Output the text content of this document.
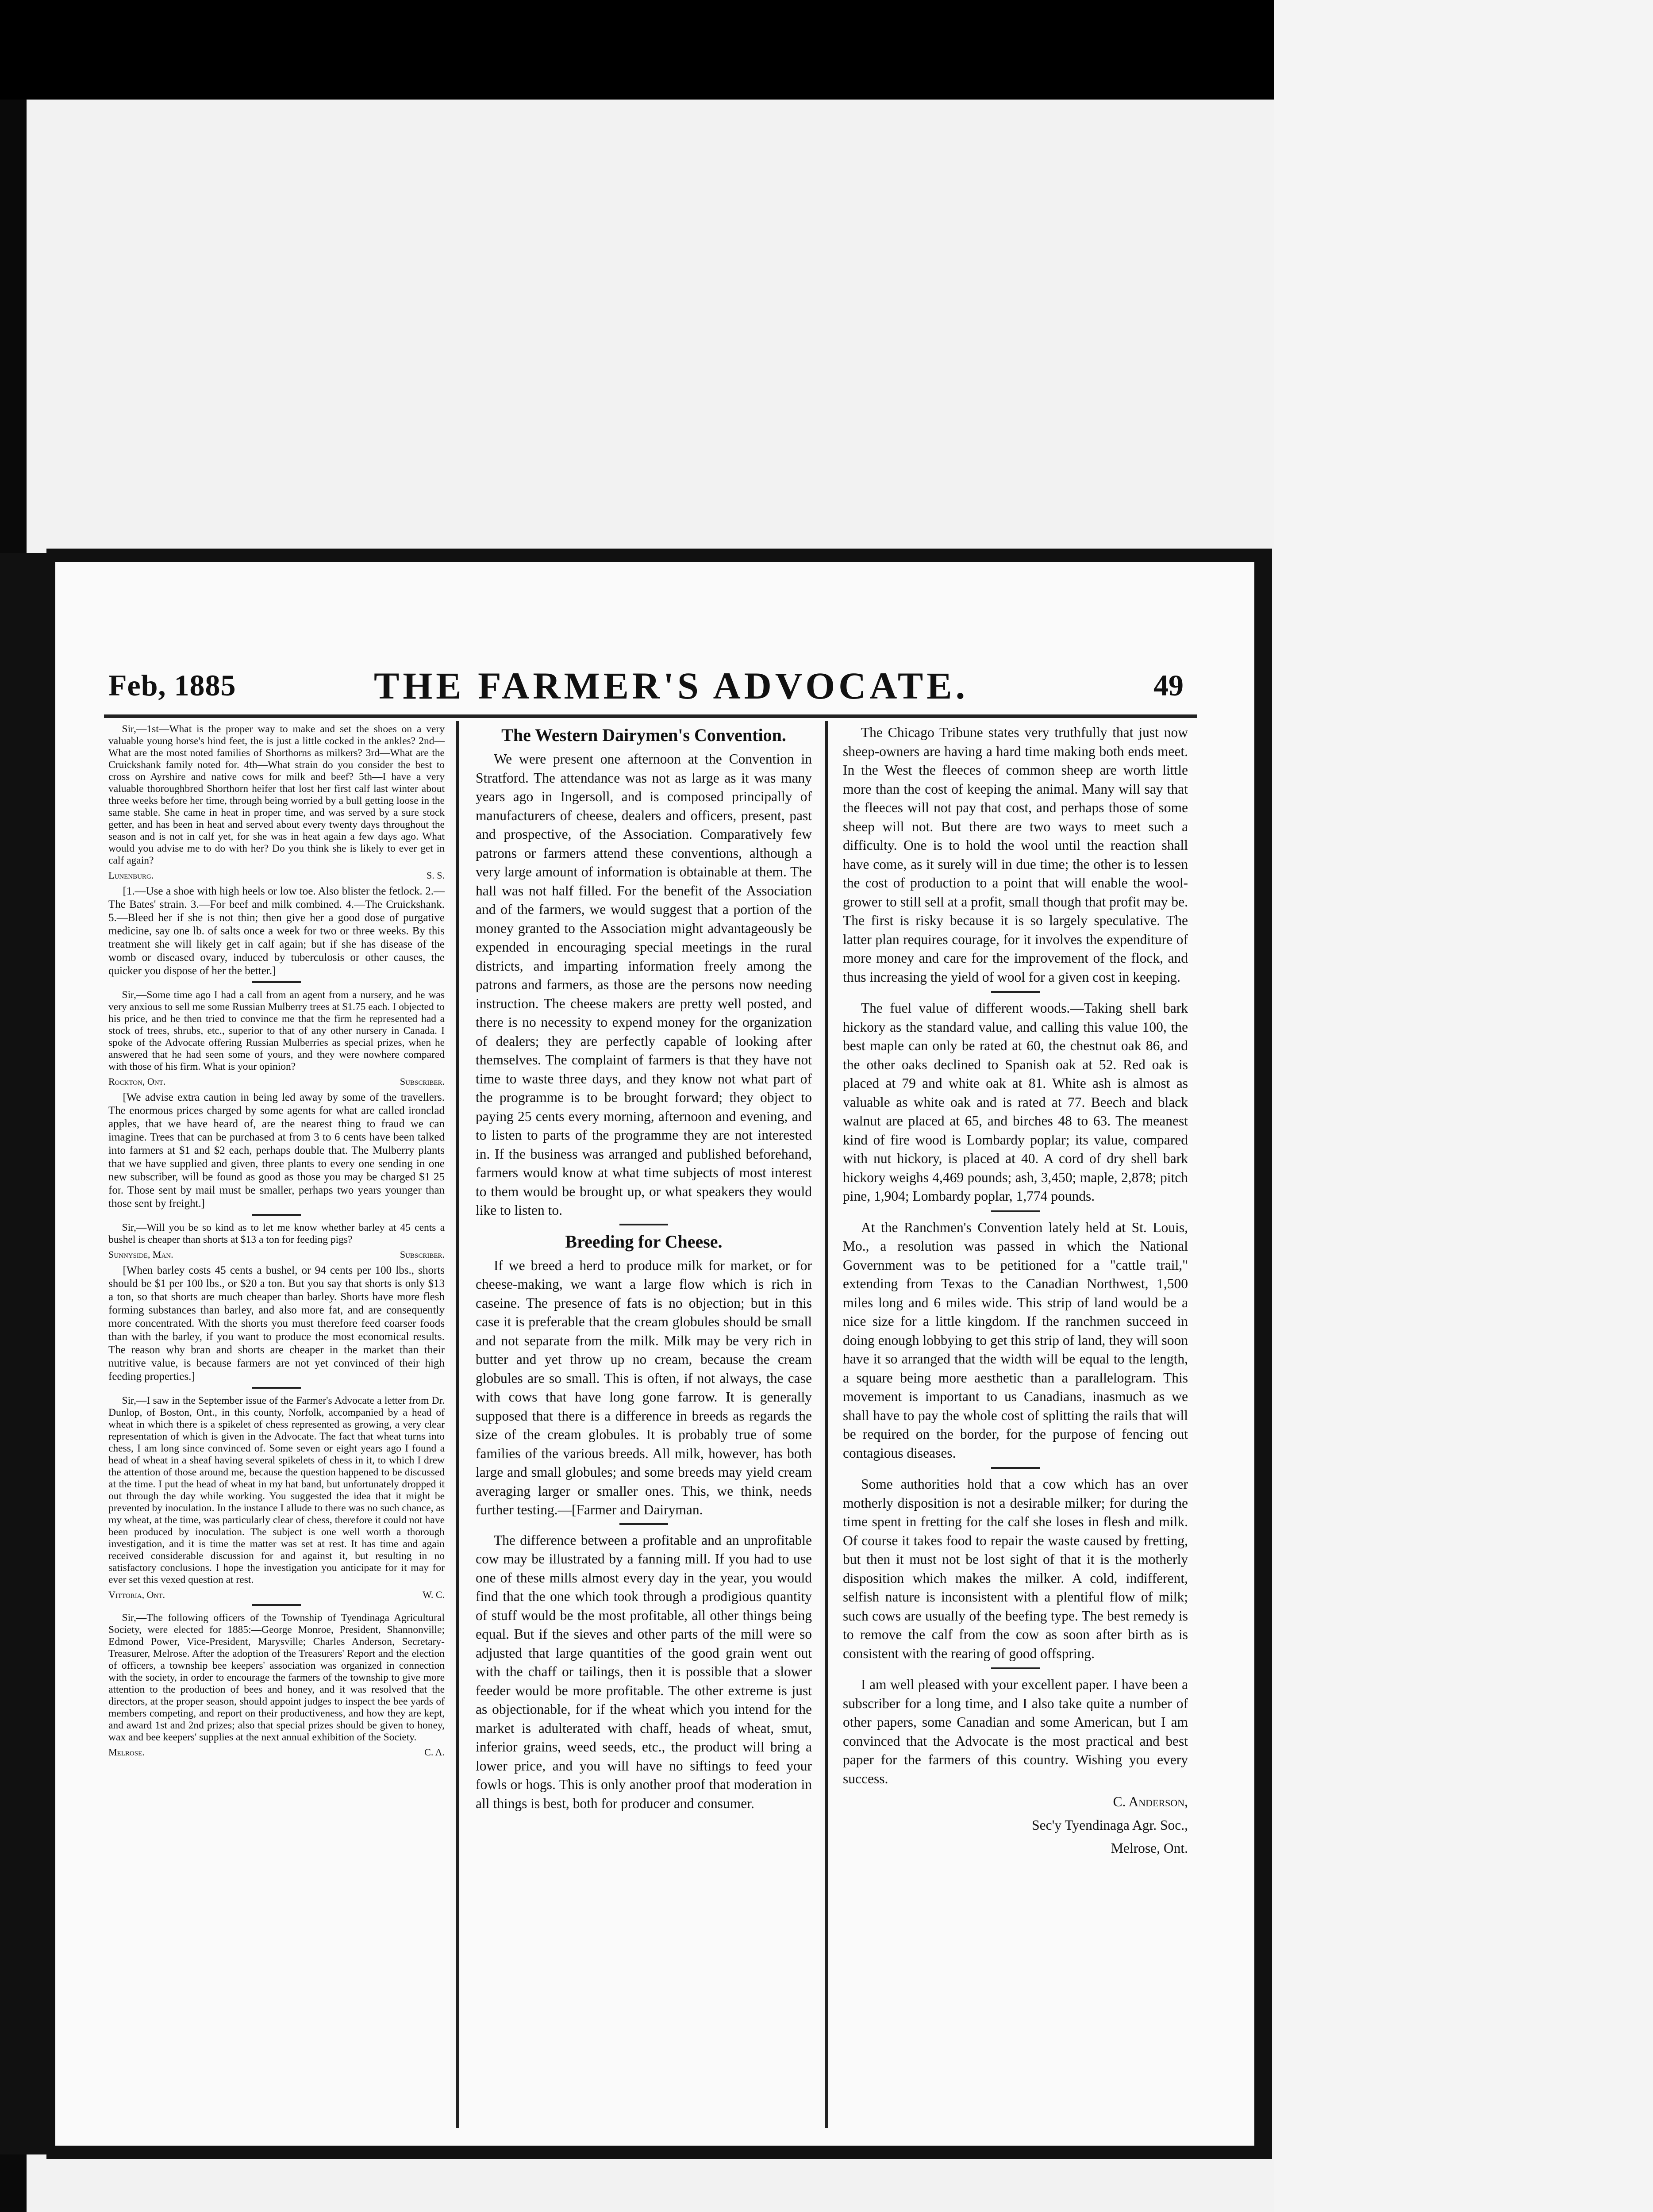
Feb, 1885	THE FARMER'S ADVOCATE.	49

Sir,—1st—What is the proper way to make and set the shoes on a very valuable young horse's hind feet, the is just a little cocked in the ankles? 2nd—What are the most noted families of Shorthorns as milkers? 3rd—What are the Cruickshank family noted for. 4th—What strain do you consider the best to cross on Ayrshire and native cows for milk and beef? 5th—I have a very valuable thoroughbred Shorthorn heifer that lost her first calf last winter about three weeks before her time, through being worried by a bull getting loose in the same stable. She came in heat in proper time, and was served by a sure stock getter, and has been in heat and served about every twenty days throughout the season and is not in calf yet, for she was in heat again a few days ago. What would you advise me to do with her? Do you think she is likely to ever get in calf again?

Lunenburg.	S. S.

[1.—Use a shoe with high heels or low toe. Also blister the fetlock. 2.—The Bates' strain. 3.—For beef and milk combined. 4.—The Cruickshank. 5.—Bleed her if she is not thin; then give her a good dose of purgative medicine, say one lb. of salts once a week for two or three weeks. By this treatment she will likely get in calf again; but if she has disease of the womb or diseased ovary, induced by tuberculosis or other causes, the quicker you dispose of her the better.]

Sir,—Some time ago I had a call from an agent from a nursery, and he was very anxious to sell me some Russian Mulberry trees at $1.75 each. I objected to his price, and he then tried to convince me that the firm he represented had a stock of trees, shrubs, etc., superior to that of any other nursery in Canada. I spoke of the Advocate offering Russian Mulberries as special prizes, when he answered that he had seen some of yours, and they were nowhere compared with those of his firm. What is your opinion?

Rockton, Ont.	Subscriber.

[We advise extra caution in being led away by some of the travellers. The enormous prices charged by some agents for what are called ironclad apples, that we have heard of, are the nearest thing to fraud we can imagine. Trees that can be purchased at from 3 to 6 cents have been talked into farmers at $1 and $2 each, perhaps double that. The Mulberry plants that we have supplied and given, three plants to every one sending in one new subscriber, will be found as good as those you may be charged $1 25 for. Those sent by mail must be smaller, perhaps two years younger than those sent by freight.]

Sir,—Will you be so kind as to let me know whether barley at 45 cents a bushel is cheaper than shorts at $13 a ton for feeding pigs?

Sunnyside, Man.	Subscriber.

[When barley costs 45 cents a bushel, or 94 cents per 100 lbs., shorts should be $1 per 100 lbs., or $20 a ton. But you say that shorts is only $13 a ton, so that shorts are much cheaper than barley. Shorts have more flesh forming substances than barley, and also more fat, and are consequently more concentrated. With the shorts you must therefore feed coarser foods than with the barley, if you want to produce the most economical results. The reason why bran and shorts are cheaper in the market than their nutritive value, is because farmers are not yet convinced of their high feeding properties.]

Sir,—I saw in the September issue of the Farmer's Advocate a letter from Dr. Dunlop, of Boston, Ont., in this county, Norfolk, accompanied by a head of wheat in which there is a spikelet of chess represented as growing, a very clear representation of which is given in the Advocate. The fact that wheat turns into chess, I am long since convinced of. Some seven or eight years ago I found a head of wheat in a sheaf having several spikelets of chess in it, to which I drew the attention of those around me, because the question happened to be discussed at the time. I put the head of wheat in my hat band, but unfortunately dropped it out through the day while working. You suggested the idea that it might be prevented by inoculation. In the instance I allude to there was no such chance, as my wheat, at the time, was particularly clear of chess, therefore it could not have been produced by inoculation. The subject is one well worth a thorough investigation, and it is time the matter was set at rest. It has time and again received considerable discussion for and against it, but resulting in no satisfactory conclusions. I hope the investigation you anticipate for it may for ever set this vexed question at rest.

Vittoria, Ont.	W. C.

Sir,—The following officers of the Township of Tyendinaga Agricultural Society, were elected for 1885:—George Monroe, President, Shannonville; Edmond Power, Vice-President, Marysville; Charles Anderson, Secretary-Treasurer, Melrose. After the adoption of the Treasurers' Report and the election of officers, a township bee keepers' association was organized in connection with the society, in order to encourage the farmers of the township to give more attention to the production of bees and honey, and it was resolved that the directors, at the proper season, should appoint judges to inspect the bee yards of members competing, and report on their productiveness, and how they are kept, and award 1st and 2nd prizes; also that special prizes should be given to honey, wax and bee keepers' supplies at the next annual exhibition of the Society.

Melrose.	C. A.
The Western Dairymen's Convention.

We were present one afternoon at the Convention in Stratford. The attendance was not as large as it was many years ago in Ingersoll, and is composed principally of manufacturers of cheese, dealers and officers, present, past and prospective, of the Association. Comparatively few patrons or farmers attend these conventions, although a very large amount of information is obtainable at them. The hall was not half filled. For the benefit of the Association and of the farmers, we would suggest that a portion of the money granted to the Association might advantageously be expended in encouraging special meetings in the rural districts, and imparting information freely among the patrons and farmers, as those are the persons now needing instruction. The cheese makers are pretty well posted, and there is no necessity to expend money for the organization of dealers; they are perfectly capable of looking after themselves. The complaint of farmers is that they have not time to waste three days, and they know not what part of the programme is to be brought forward; they object to paying 25 cents every morning, afternoon and evening, and to listen to parts of the programme they are not interested in. If the business was arranged and published beforehand, farmers would know at what time subjects of most interest to them would be brought up, or what speakers they would like to listen to.

Breeding for Cheese.

If we breed a herd to produce milk for market, or for cheese-making, we want a large flow which is rich in caseine. The presence of fats is no objection; but in this case it is preferable that the cream globules should be small and not separate from the milk. Milk may be very rich in butter and yet throw up no cream, because the cream globules are so small. This is often, if not always, the case with cows that have long gone farrow. It is generally supposed that there is a difference in breeds as regards the size of the cream globules. It is probably true of some families of the various breeds. All milk, however, has both large and small globules; and some breeds may yield cream averaging larger or smaller ones. This, we think, needs further testing.—[Farmer and Dairyman.

The difference between a profitable and an unprofitable cow may be illustrated by a fanning mill. If you had to use one of these mills almost every day in the year, you would find that the one which took through a prodigious quantity of stuff would be the most profitable, all other things being equal. But if the sieves and other parts of the mill were so adjusted that large quantities of the good grain went out with the chaff or tailings, then it is possible that a slower feeder would be more profitable. The other extreme is just as objectionable, for if the wheat which you intend for the market is adulterated with chaff, heads of wheat, smut, inferior grains, weed seeds, etc., the product will bring a lower price, and you will have no siftings to feed your fowls or hogs. This is only another proof that moderation in all things is best, both for producer and consumer.

The Chicago Tribune states very truthfully that just now sheep-owners are having a hard time making both ends meet. In the West the fleeces of common sheep are worth little more than the cost of keeping the animal. Many will say that the fleeces will not pay that cost, and perhaps those of some sheep will not. But there are two ways to meet such a difficulty. One is to hold the wool until the reaction shall have come, as it surely will in due time; the other is to lessen the cost of production to a point that will enable the wool-grower to still sell at a profit, small though that profit may be. The first is risky because it is so largely speculative. The latter plan requires courage, for it involves the expenditure of more money and care for the improvement of the flock, and thus increasing the yield of wool for a given cost in keeping.

The fuel value of different woods.—Taking shell bark hickory as the standard value, and calling this value 100, the best maple can only be rated at 60, the chestnut oak 86, and the other oaks declined to Spanish oak at 52. Red oak is placed at 79 and white oak at 81. White ash is almost as valuable as white oak and is rated at 77. Beech and black walnut are placed at 65, and birches 48 to 63. The meanest kind of fire wood is Lombardy poplar; its value, compared with nut hickory, is placed at 40. A cord of dry shell bark hickory weighs 4,469 pounds; ash, 3,450; maple, 2,878; pitch pine, 1,904; Lombardy poplar, 1,774 pounds.

At the Ranchmen's Convention lately held at St. Louis, Mo., a resolution was passed in which the National Government was to be petitioned for a "cattle trail," extending from Texas to the Canadian Northwest, 1,500 miles long and 6 miles wide. This strip of land would be a nice size for a little kingdom. If the ranchmen succeed in doing enough lobbying to get this strip of land, they will soon have it so arranged that the width will be equal to the length, a square being more aesthetic than a parallelogram. This movement is important to us Canadians, inasmuch as we shall have to pay the whole cost of splitting the rails that will be required on the border, for the purpose of fencing out contagious diseases.

Some authorities hold that a cow which has an over motherly disposition is not a desirable milker; for during the time spent in fretting for the calf she loses in flesh and milk. Of course it takes food to repair the waste caused by fretting, but then it must not be lost sight of that it is the motherly disposition which makes the milker. A cold, indifferent, selfish nature is inconsistent with a plentiful flow of milk; such cows are usually of the beefing type. The best remedy is to remove the calf from the cow as soon after birth as is consistent with the rearing of good offspring.

I am well pleased with your excellent paper. I have been a subscriber for a long time, and I also take quite a number of other papers, some Canadian and some American, but I am convinced that the Advocate is the most practical and best paper for the farmers of this country. Wishing you every success.

C. Anderson,

Sec'y Tyendinaga Agr. Soc.,

Melrose, Ont.
